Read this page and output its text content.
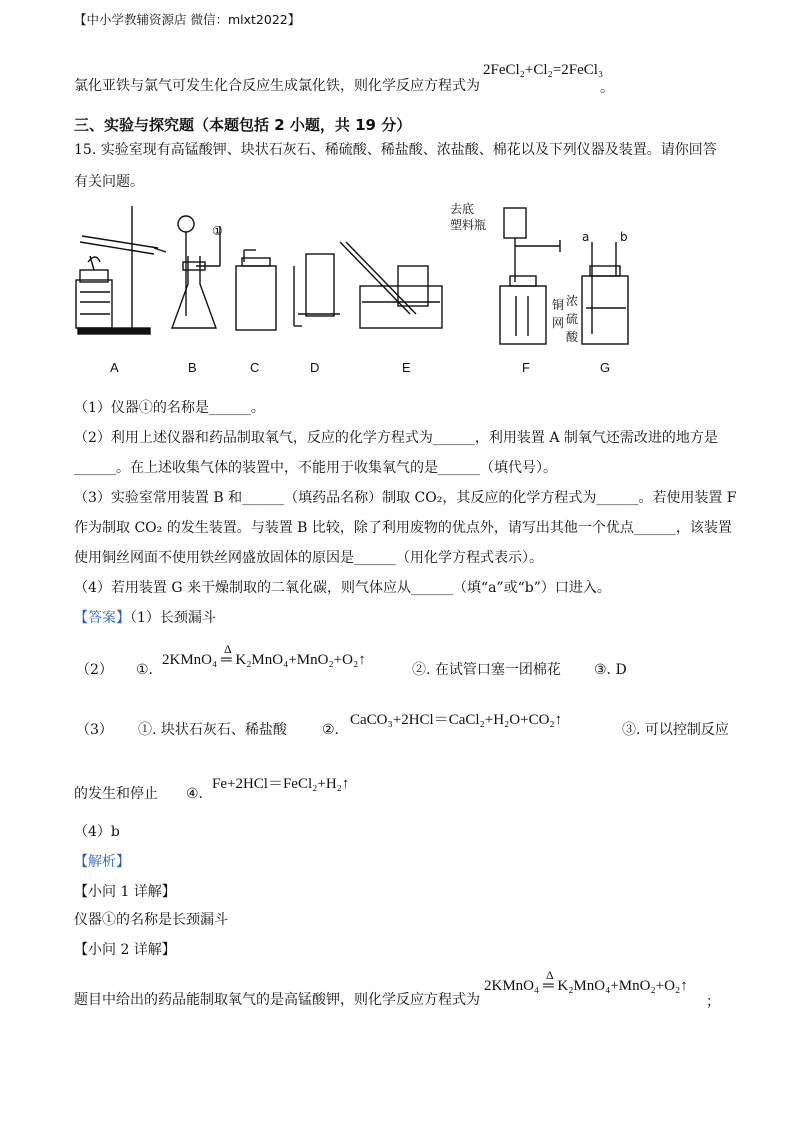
【中小学教辅资源店 微信：mlxt2022】
氯化亚铁与氯气可发生化合反应生成氯化铁，则化学反应方程式为
2FeCl₂+Cl₂=2FeCl₃
。
三、实验与探究题（本题包括 2 小题，共 19 分）
15. 实验室现有高锰酸钾、块状石灰石、稀硫酸、稀盐酸、浓盐酸、棉花以及下列仪器及装置。请你回答
有关问题。
A	B	C	D	E	F	G
①
去底
塑料瓶
铜
网
浓
硫
酸
a	b
（1）仪器①的名称是______。
（2）利用上述仪器和药品制取氧气，反应的化学方程式为______，利用装置 A 制氧气还需改进的地方是
______。在上述收集气体的装置中，不能用于收集氧气的是______（填代号）。
（3）实验室常用装置 B 和______（填药品名称）制取 CO₂，其反应的化学方程式为______。若使用装置 F
作为制取 CO₂ 的发生装置。与装置 B 比较，除了利用废物的优点外，请写出其他一个优点______，该装置
使用铜丝网面不使用铁丝网盛放固体的原因是______（用化学方程式表示）。
（4）若用装置 G 来干燥制取的二氧化碳，则气体应从______（填“a”或“b”）口进入。
【答案】（1）长颈漏斗
（2） ①.
Δ
2KMnO₄ ═ K₂MnO₄+MnO₂+O₂↑
②. 在试管口塞一团棉花 ③. D
（3） ①. 块状石灰石、稀盐酸	②.
CaCO₃+2HCl＝CaCl₂+H₂O+CO₂↑
③. 可以控制反应
的发生和停止 ④.
Fe+2HCl＝FeCl₂+H₂↑
（4）b
【解析】
【小问 1 详解】
仪器①的名称是长颈漏斗
【小问 2 详解】
题目中给出的药品能制取氧气的是高锰酸钾，则化学反应方程式为
Δ
2KMnO₄ ═ K₂MnO₄+MnO₂+O₂↑
；
